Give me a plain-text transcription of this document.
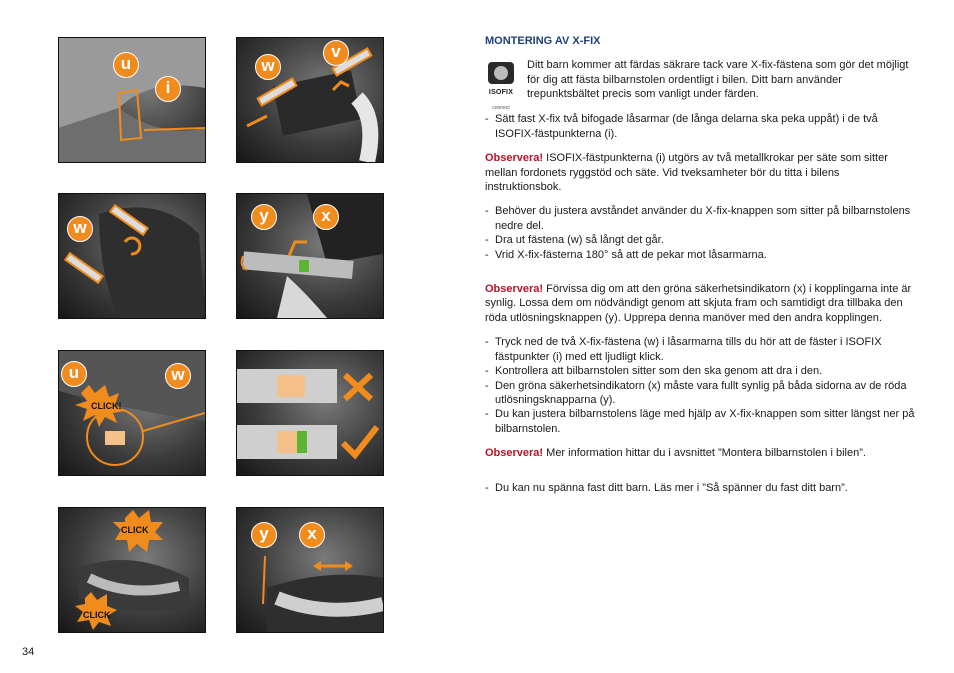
u
i
w
v
w
y	x
u	w
CLICK!
CLICK
CLICK
y	x
34
MONTERING AV X-FIX
ISOFIX
connect
Ditt barn kommer att färdas säkrare tack vare X-fix-fästena som gör det möjligt för dig att fästa bilbarnstolen ordentligt i bilen. Ditt barn använder trepunktsbältet precis som vanligt under färden.
- Sätt fast X-fix två bifogade låsarmar (de långa delarna ska peka uppåt) i de två ISOFIX-fästpunkterna (i).

Observera! ISOFIX-fästpunkterna (i) utgörs av två metallkrokar per säte som sitter mellan fordonets ryggstöd och säte. Vid tveksamheter bör du titta i bilens instruktionsbok.

- Behöver du justera avståndet använder du X-fix-knappen som sitter på bilbarnstolens nedre del.
- Dra ut fästena (w) så långt det går.
- Vrid X-fix-fästerna 180° så att de pekar mot låsarmarna.

Observera! Förvissa dig om att den gröna säkerhetsindikatorn (x) i kopplingarna inte är synlig. Lossa dem om nödvändigt genom att skjuta fram och samtidigt dra tillbaka den röda utlösningsknappen (y). Upprepa denna manöver med den andra kopplingen.

- Tryck ned de två X-fix-fästena (w) i låsarmarna tills du hör att de fäster i ISOFIX fästpunkter (i) med ett ljudligt klick.
- Kontrollera att bilbarnstolen sitter som den ska genom att dra i den.
- Den gröna säkerhetsindikatorn (x) måste vara fullt synlig på båda sidorna av de röda utlösningsknapparna (y).
- Du kan justera bilbarnstolens läge med hjälp av X-fix-knappen som sitter längst ner på bilbarnstolen.

Observera! Mer information hittar du i avsnittet ”Montera bilbarnstolen i bilen”.

- Du kan nu spänna fast ditt barn. Läs mer i ”Så spänner du fast ditt barn”.
